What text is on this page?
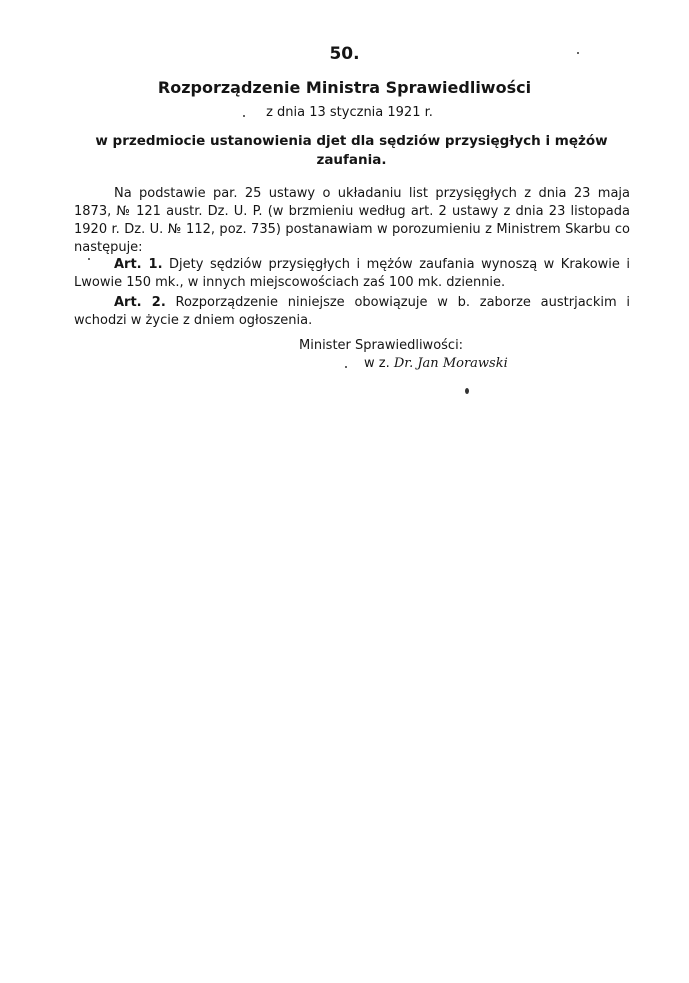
50.
Rozporządzenie Ministra Sprawiedliwości
z dnia 13 stycznia 1921 r.
w przedmiocie ustanowienia djet dla sędziów przysięgłych i mężów zaufania.
Na podstawie par. 25 ustawy o układaniu list przysięgłych z dnia 23 maja 1873, № 121 austr. Dz. U. P. (w brzmieniu według art. 2 ustawy z dnia 23 listopada 1920 r. Dz. U. № 112, poz. 735) postanawiam w porozumieniu z Ministrem Skarbu co następuje:
Art. 1. Djety sędziów przysięgłych i mężów zaufania wynoszą w Krakowie i Lwowie 150 mk., w innych miejscowościach zaś 100 mk. dziennie.
Art. 2. Rozporządzenie niniejsze obowiązuje w b. zaborze austrjackim i wchodzi w życie z dniem ogłoszenia.
Minister Sprawiedliwości:
w z. Dr. Jan Morawski
